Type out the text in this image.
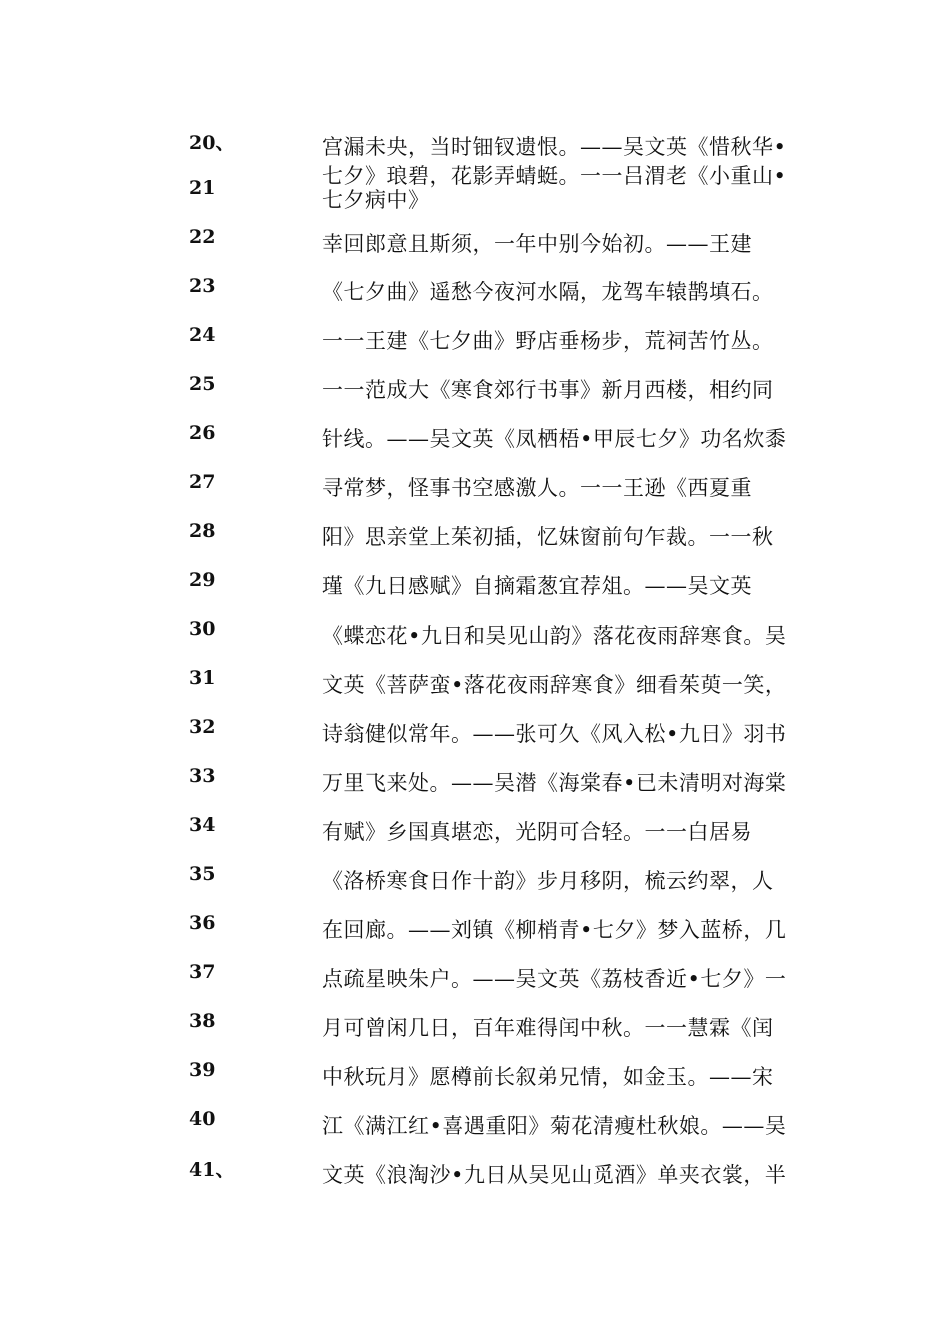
20、
21
22
23
24
25
26
27
28
29
30
31
32
33
34
35
36
37
38
39
40
41、
宫漏未央，当时钿钗遗恨。——吴文英《惜秋华•
七夕》琅碧，花影弄蜻蜓。一一吕渭老《小重山•
七夕病中》
幸回郎意且斯须，一年中别今始初。——王建
《七夕曲》遥愁今夜河水隔，龙驾车辕鹊填石。
一一王建《七夕曲》野店垂杨步，荒祠苦竹丛。
一一范成大《寒食郊行书事》新月西楼，相约同
针线。——吴文英《凤栖梧•甲辰七夕》功名炊黍
寻常梦，怪事书空感激人。一一王逊《西夏重
阳》思亲堂上茱初插，忆妹窗前句乍裁。一一秋
瑾《九日感赋》自摘霜葱宜荐俎。——吴文英
《蝶恋花•九日和吴见山韵》落花夜雨辞寒食。吴
文英《菩萨蛮•落花夜雨辞寒食》细看茱萸一笑，
诗翁健似常年。——张可久《风入松•九日》羽书
万里飞来处。——吴潜《海棠春•已未清明对海棠
有赋》乡国真堪恋，光阴可合轻。一一白居易
《洛桥寒食日作十韵》步月移阴，梳云约翠，人
在回廊。——刘镇《柳梢青•七夕》梦入蓝桥，几
点疏星映朱户。——吴文英《荔枝香近•七夕》一
月可曾闲几日，百年难得闰中秋。一一慧霖《闰
中秋玩月》愿樽前长叙弟兄情，如金玉。——宋
江《满江红•喜遇重阳》菊花清瘦杜秋娘。——吴
文英《浪淘沙•九日从吴见山觅酒》单夹衣裳，半
